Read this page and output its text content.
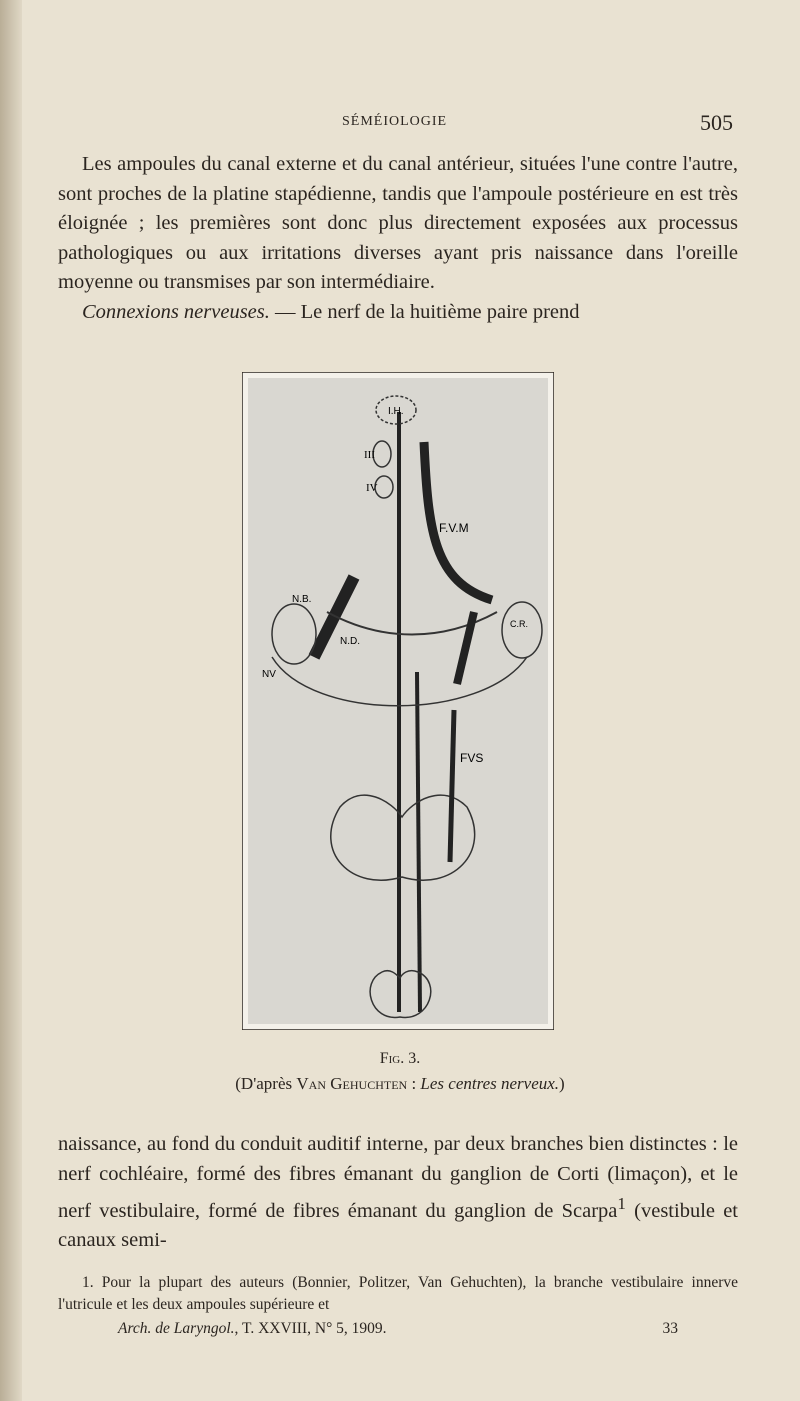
SÉMÉIOLOGIE	505
Les ampoules du canal externe et du canal antérieur, situées l'une contre l'autre, sont proches de la platine stapédienne, tandis que l'ampoule postérieure en est très éloignée ; les premières sont donc plus directement exposées aux processus pathologiques ou aux irritations diverses ayant pris naissance dans l'oreille moyenne ou transmises par son intermédiaire.
Connexions nerveuses. — Le nerf de la huitième paire prend
I.H.
III
IV
F.V.M
N.B.
N.D.
NV
C.R.
FVS
Fig. 3.
(D'après Van Gehuchten : Les centres nerveux.)
naissance, au fond du conduit auditif interne, par deux branches bien distinctes : le nerf cochléaire, formé des fibres émanant du ganglion de Corti (limaçon), et le nerf vestibulaire, formé de fibres émanant du ganglion de Scarpa$^1$ (vestibule et canaux semi-
1. Pour la plupart des auteurs (Bonnier, Politzer, Van Gehuchten), la branche vestibulaire innerve l'utricule et les deux ampoules supérieure et
Arch. de Laryngol., T. XXVIII, N° 5, 1909.	33
